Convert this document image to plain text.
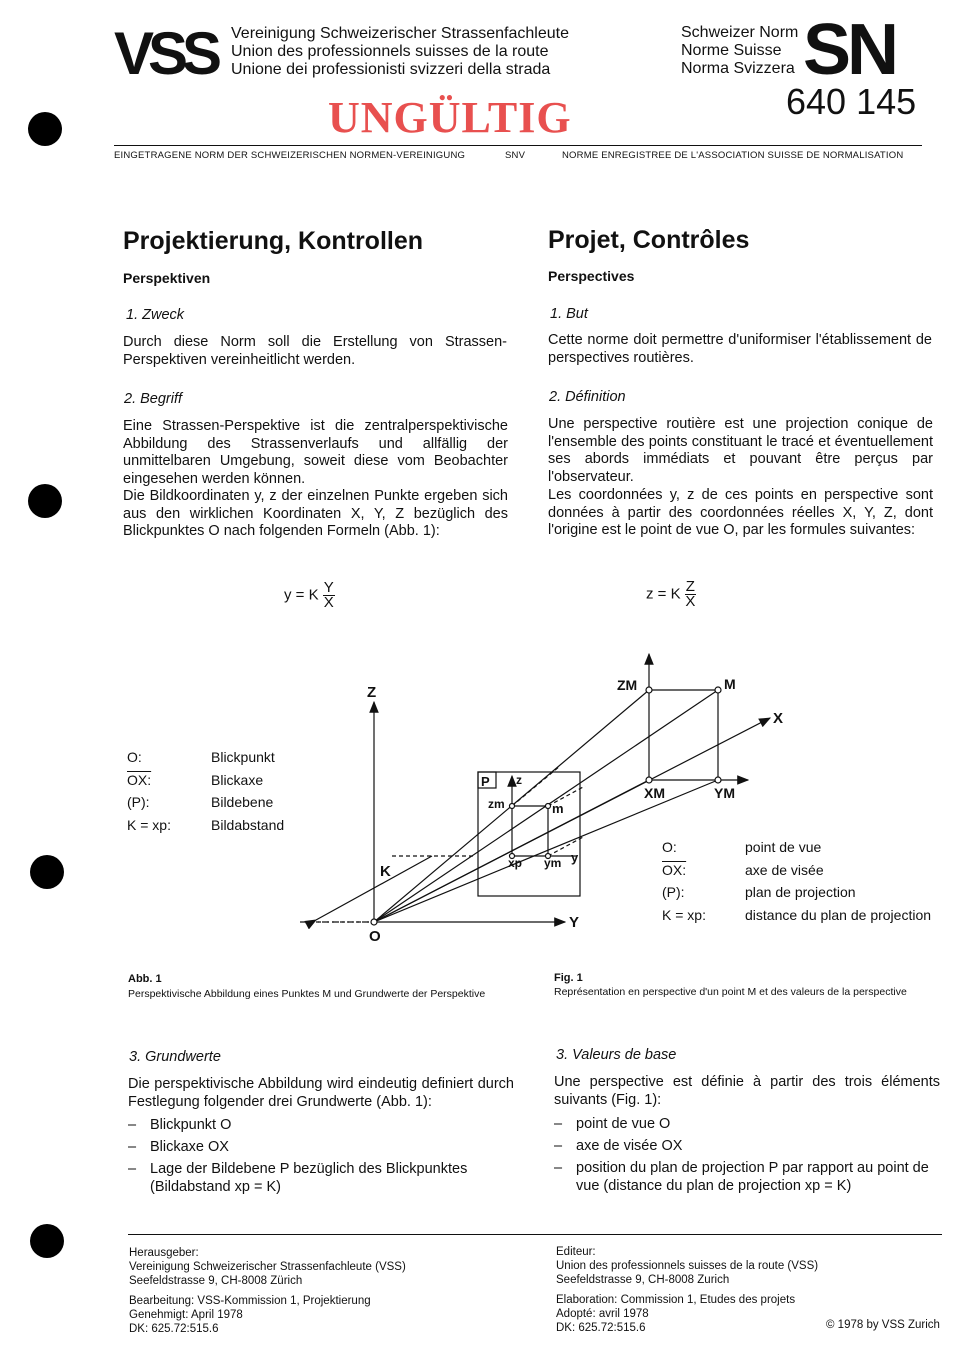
VSS Vereinigung Schweizerischer Strassenfachleute
Union des professionnels suisses de la route
Unione dei professionisti svizzeri della strada
Schweizer Norm
Norme Suisse
Norma Svizzera SN
640 145
UNGÜLTIG
EINGETRAGENE NORM DER SCHWEIZERISCHEN NORMEN-VEREINIGUNG	SNV	NORME ENREGISTREE DE L'ASSOCIATION SUISSE DE NORMALISATION
Projektierung, Kontrollen
Perspektiven
1. Zweck
Durch diese Norm soll die Erstellung von Strassen-Perspektiven vereinheitlicht werden.
2. Begriff
Eine Strassen-Perspektive ist die zentralperspektivische Abbildung des Strassenverlaufs und allfällig der unmittelbaren Umgebung, soweit diese vom Beobachter eingesehen werden können.
Die Bildkoordinaten y, z der einzelnen Punkte ergeben sich aus den wirklichen Koordinaten X, Y, Z bezüglich des Blickpunktes O nach folgenden Formeln (Abb. 1):
Projet, Contrôles
Perspectives
1. But
Cette norme doit permettre d'uniformiser l'établissement de perspectives routières.
2. Définition
Une perspective routière est une projection conique de l'ensemble des points constituant le tracé et éventuellement ses abords immédiats et pouvant être perçus par l'observateur.
Les coordonnées y, z de ces points en perspective sont données à partir des coordonnées réelles X, Y, Z, dont l'origine est le point de vue O, par les formules suivantes:
y = K $\frac{Y}{X}$	z = K $\frac{Z}{X}$
O:	Blickpunkt
OX:	Blickaxe
(P):	Bildebene
K = xp:	Bildabstand
O:	point de vue
OX:	axe de visée
(P):	plan de projection
K = xp:	distance du plan de projection
Z
Y
X
O
K
P z
y
M
ZM
XM	YM
zm	m
xp ym
Abb. 1
Perspektivische Abbildung eines Punktes M und Grundwerte der Perspektive
Fig. 1
Représentation en perspective d'un point M et des valeurs de la perspective
3. Grundwerte
Die perspektivische Abbildung wird eindeutig definiert durch Festlegung folgender drei Grundwerte (Abb. 1):
– Blickpunkt O
– Blickaxe OX
– Lage der Bildebene P bezüglich des Blickpunktes (Bildabstand xp = K)
3. Valeurs de base
Une perspective est définie à partir des trois éléments suivants (Fig. 1):
– point de vue O
– axe de visée OX
– position du plan de projection P par rapport au point de vue (distance du plan de projection xp = K)
Herausgeber:
Vereinigung Schweizerischer Strassenfachleute (VSS)
Seefeldstrasse 9, CH-8008 Zürich
Bearbeitung: VSS-Kommission 1, Projektierung
Genehmigt: April 1978
DK: 625.72:515.6
Editeur:
Union des professionnels suisses de la route (VSS)
Seefeldstrasse 9, CH-8008 Zurich
Elaboration: Commission 1, Etudes des projets
Adopté: avril 1978
DK: 625.72:515.6	© 1978 by VSS Zurich
